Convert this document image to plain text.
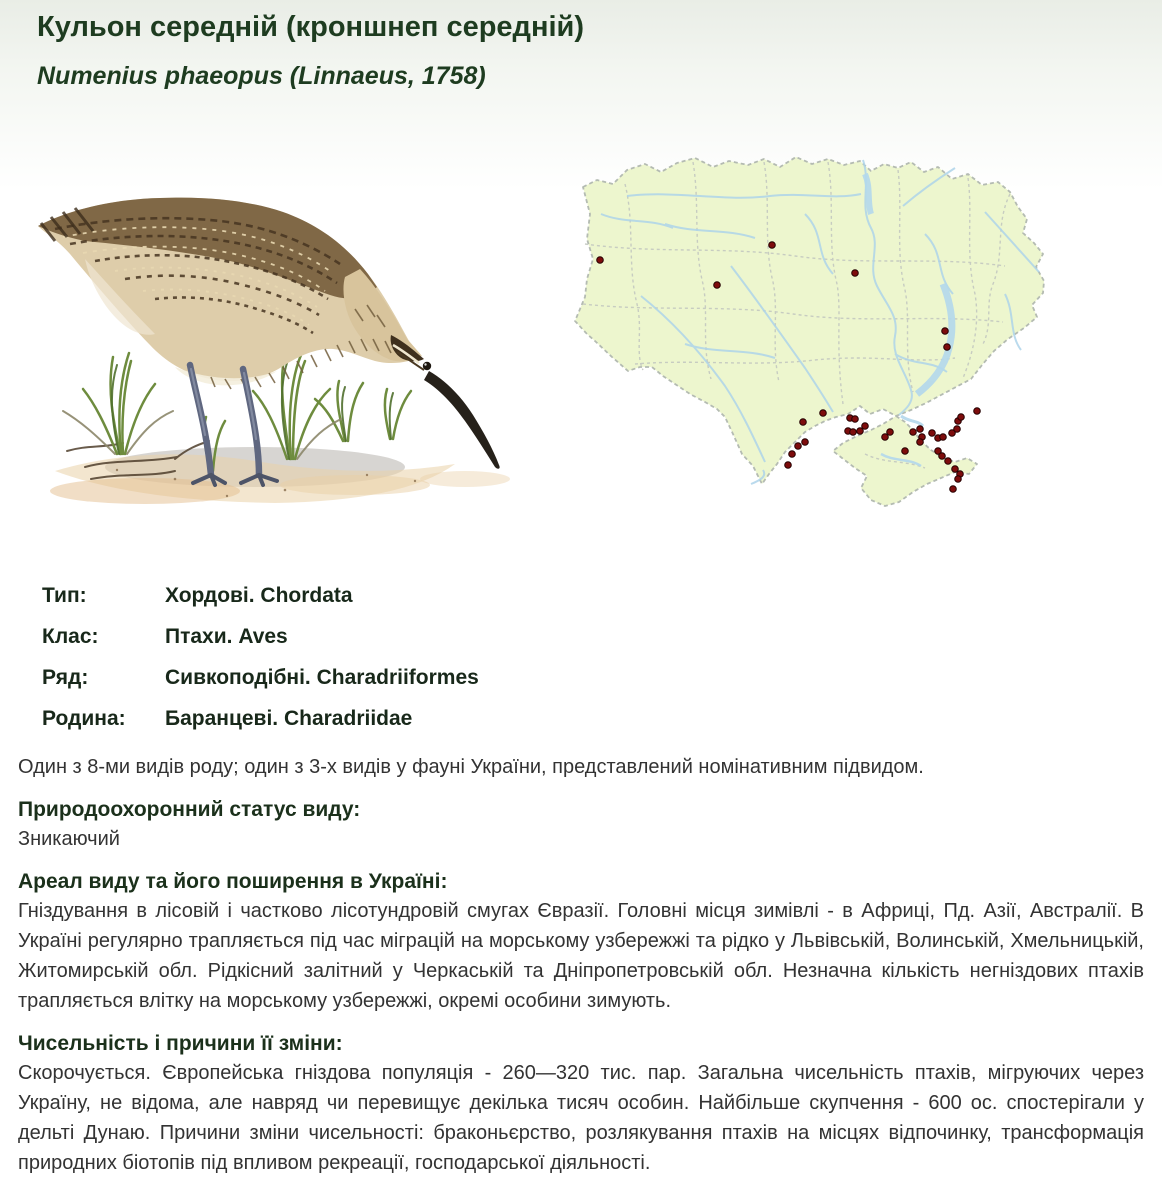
Кульон середній (кроншнеп середній)
Numenius phaeopus (Linnaeus, 1758)
Тип:	Хордові. Chordata
Клас:	Птахи. Aves
Ряд:	Сивкоподібні. Charadriiformes
Родина:	Баранцеві. Charadriidae

Один з 8-ми видів роду; один з 3-х видів у фауні України, представлений номінативним підвидом.

Природоохоронний статус виду:

Зникаючий

Ареал виду та його поширення в Україні:

Гніздування в лісовій і частково лісотундровій смугах Євразії. Головні місця зимівлі - в Африці, Пд. Азії, Австралії. В Україні регулярно трапляється під час міграцій на морському узбережжі та рідко у Львівській, Волинській, Хмельницькій, Житомирській обл. Рідкісний залітний у Черкаській та Дніпропетровській обл. Незначна кількість негніздових птахів трапляється влітку на морському узбережжі, окремі особини зимують.

Чисельність і причини її зміни:

Скорочується. Європейська гніздова популяція - 260—320 тис. пар. Загальна чисельність птахів, мігруючих через Україну, не відома, але навряд чи перевищує декілька тисяч особин. Найбільше скупчення - 600 ос. спостерігали у дельті Дунаю. Причини зміни чисельності: браконьєрство, розлякування птахів на місцях відпочинку, трансформація природних біотопів під впливом рекреації, господарської діяльності.
